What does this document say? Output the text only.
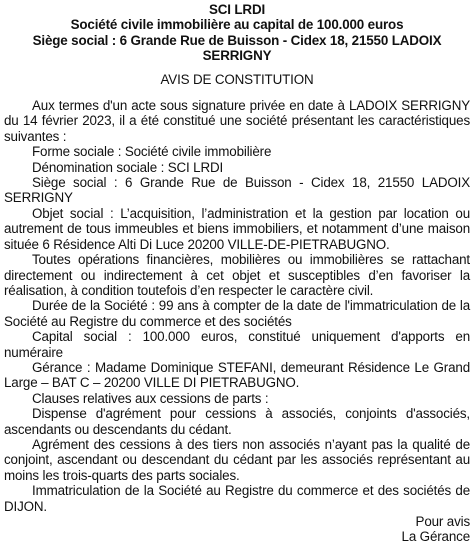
SCI LRDI
Société civile immobilière au capital de 100.000 euros
Siège social : 6 Grande Rue de Buisson - Cidex 18, 21550 LADOIX SERRIGNY
AVIS DE CONSTITUTION

Aux termes d'un acte sous signature privée en date à LADOIX SERRIGNY du 14 février 2023, il a été constitué une société présentant les caractéristiques suivantes :

Forme sociale : Société civile immobilière

Dénomination sociale : SCI LRDI

Siège social : 6 Grande Rue de Buisson - Cidex 18, 21550 LADOIX SERRIGNY

Objet social : L’acquisition, l’administration et la gestion par location ou autrement de tous immeubles et biens immobiliers, et notamment d’une maison située 6 Résidence Alti Di Luce 20200 VILLE-DE-PIETRABUGNO.

Toutes opérations financières, mobilières ou immobilières se rattachant directement ou indirectement à cet objet et susceptibles d’en favoriser la réalisation, à condition toutefois d’en respecter le caractère civil.

Durée de la Société : 99 ans à compter de la date de l'immatriculation de la Société au Registre du commerce et des sociétés

Capital social : 100.000 euros, constitué uniquement d'apports en numéraire

Gérance : Madame Dominique STEFANI, demeurant Résidence Le Grand Large – BAT C – 20200 VILLE DI PIETRABUGNO.

Clauses relatives aux cessions de parts :

Dispense d'agrément pour cessions à associés, conjoints d'associés, ascendants ou descendants du cédant.

Agrément des cessions à des tiers non associés n’ayant pas la qualité de conjoint, ascendant ou descendant du cédant par les associés représentant au moins les trois-quarts des parts sociales.

Immatriculation de la Société au Registre du commerce et des sociétés de DIJON.

Pour avis

La Gérance
